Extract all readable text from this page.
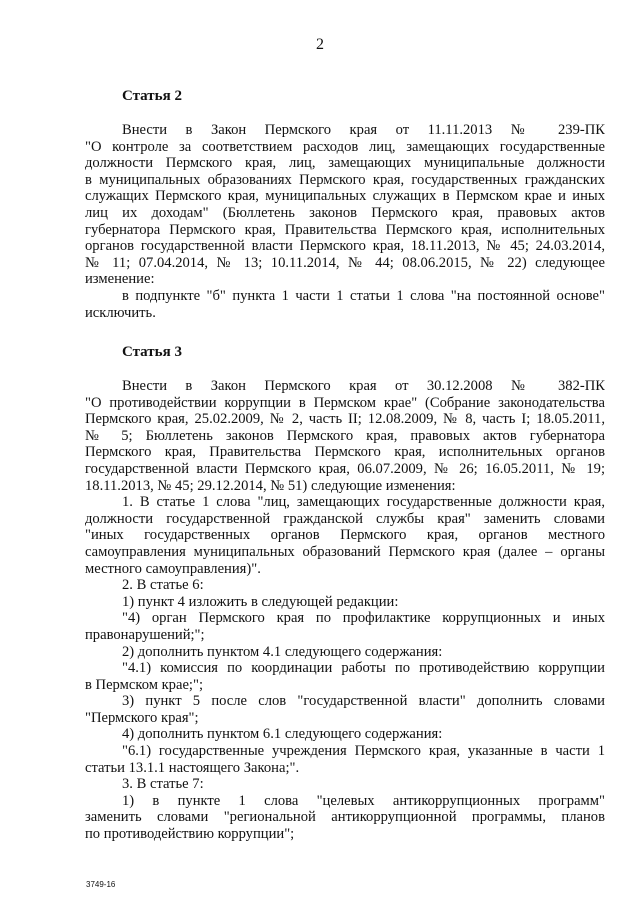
2
Статья 2
Внести в Закон Пермского края от 11.11.2013 № 239-ПК
"О контроле за соответствием расходов лиц, замещающих государственные
должности Пермского края, лиц, замещающих муниципальные должности
в муниципальных образованиях Пермского края, государственных гражданских
служащих Пермского края, муниципальных служащих в Пермском крае и иных
лиц их доходам" (Бюллетень законов Пермского края, правовых актов
губернатора Пермского края, Правительства Пермского края, исполнительных
органов государственной власти Пермского края, 18.11.2013, № 45; 24.03.2014,
№ 11; 07.04.2014, № 13; 10.11.2014, № 44; 08.06.2015, № 22) следующее
изменение:
в подпункте "б" пункта 1 части 1 статьи 1 слова "на постоянной основе"
исключить.
Статья 3
Внести в Закон Пермского края от 30.12.2008 № 382-ПК
"О противодействии коррупции в Пермском крае" (Собрание законодательства
Пермского края, 25.02.2009, № 2, часть II; 12.08.2009, № 8, часть I; 18.05.2011,
№ 5; Бюллетень законов Пермского края, правовых актов губернатора
Пермского края, Правительства Пермского края, исполнительных органов
государственной власти Пермского края, 06.07.2009, № 26; 16.05.2011, № 19;
18.11.2013, № 45; 29.12.2014, № 51) следующие изменения:
1. В статье 1 слова "лиц, замещающих государственные должности края,
должности государственной гражданской службы края" заменить словами
"иных государственных органов Пермского края, органов местного
самоуправления муниципальных образований Пермского края (далее – органы
местного самоуправления)".
2. В статье 6:
1) пункт 4 изложить в следующей редакции:
"4) орган Пермского края по профилактике коррупционных и иных
правонарушений;";
2) дополнить пунктом 4.1 следующего содержания:
"4.1) комиссия по координации работы по противодействию коррупции
в Пермском крае;";
3) пункт 5 после слов "государственной власти" дополнить словами
"Пермского края";
4) дополнить пунктом 6.1 следующего содержания:
"6.1) государственные учреждения Пермского края, указанные в части 1
статьи 13.1.1 настоящего Закона;".
3. В статье 7:
1) в пункте 1 слова "целевых антикоррупционных программ"
заменить словами "региональной антикоррупционной программы, планов
по противодействию коррупции";
3749-16
